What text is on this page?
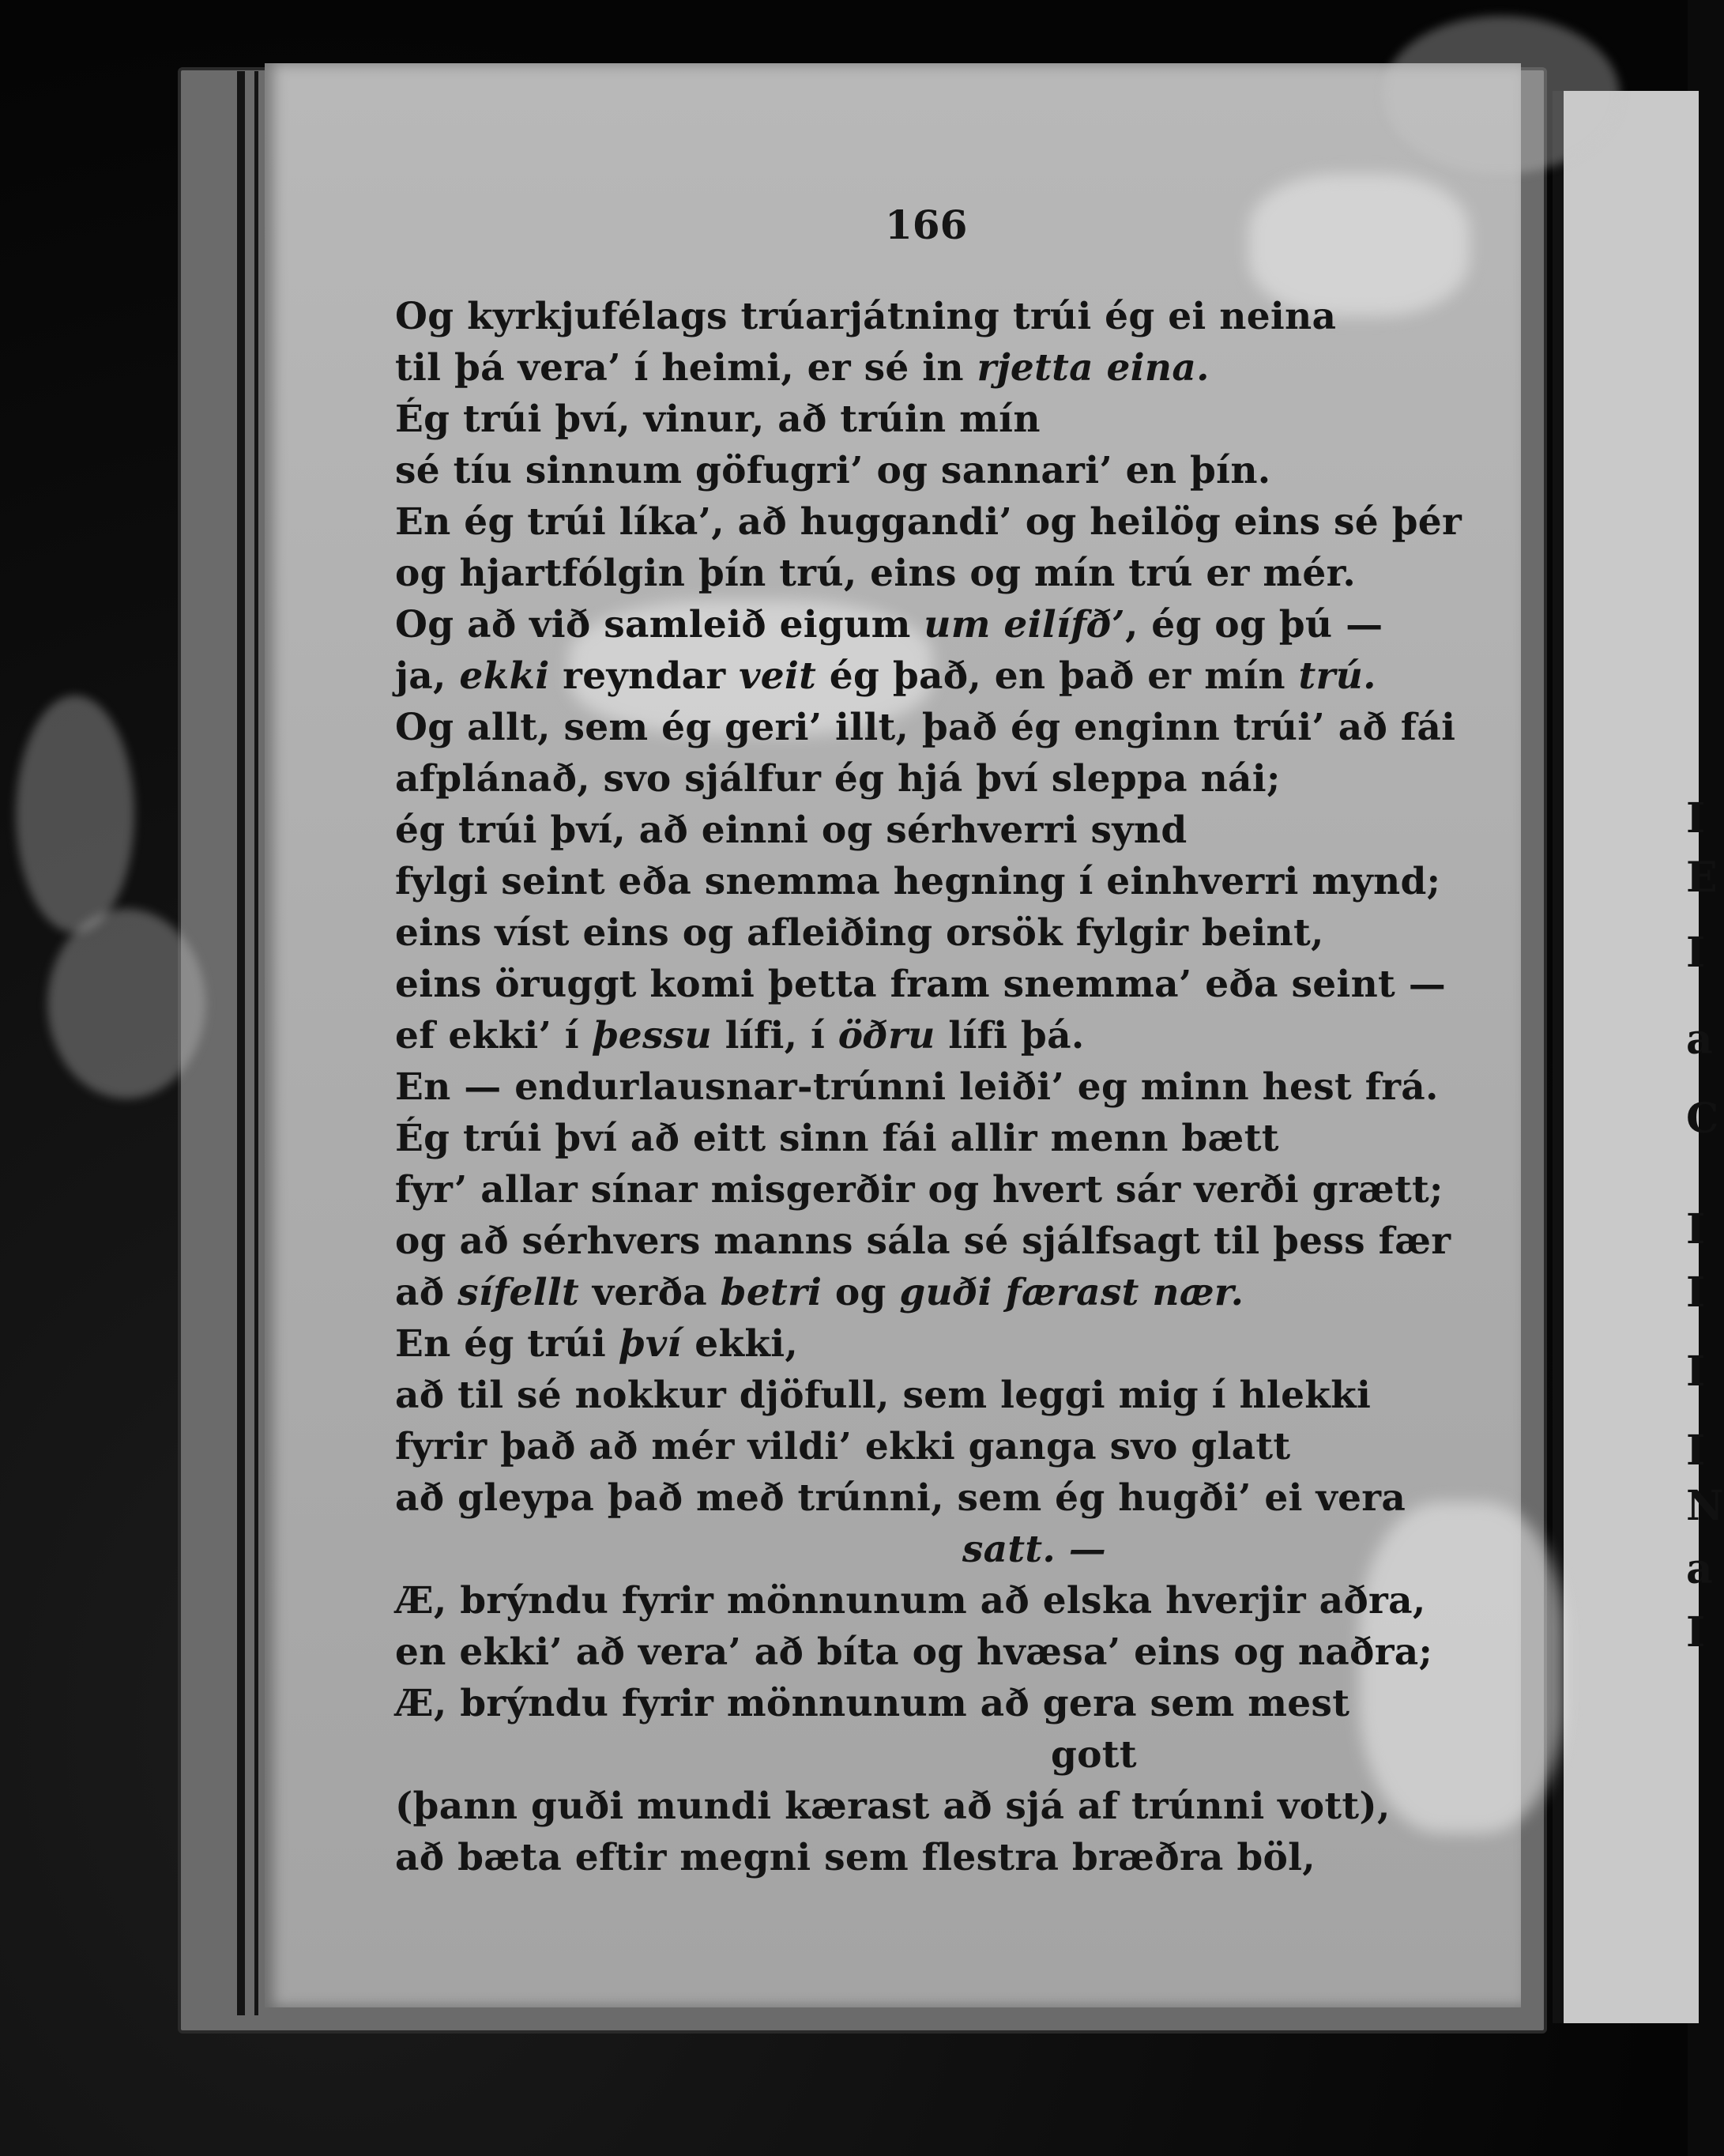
I
E
I
a
C
I
I
I
I
N
a
I
166
Og kyrkjufélags trúarjátning trúi ég ei neina
til þá vera’ í heimi, er sé in rjetta eina.
Ég trúi því, vinur, að trúin mín
sé tíu sinnum göfugri’ og sannari’ en þín.
En ég trúi líka’, að huggandi’ og heilög eins sé þér
og hjartfólgin þín trú, eins og mín trú er mér.
Og að við samleið eigum um eilífð’, ég og þú —
ja, ekki reyndar veit ég það, en það er mín trú.
Og allt, sem ég geri’ illt, það ég enginn trúi’ að fái
afplánað, svo sjálfur ég hjá því sleppa nái;
ég trúi því, að einni og sérhverri synd
fylgi seint eða snemma hegning í einhverri mynd;
eins víst eins og afleiðing orsök fylgir beint,
eins öruggt komi þetta fram snemma’ eða seint —
ef ekki’ í þessu lífi, í öðru lífi þá.
En — endurlausnar-trúnni leiði’ eg minn hest frá.
Ég trúi því að eitt sinn fái allir menn bætt
fyr’ allar sínar misgerðir og hvert sár verði grætt;
og að sérhvers manns sála sé sjálfsagt til þess fær
að sífellt verða betri og guði færast nær.
En ég trúi því ekki,
að til sé nokkur djöfull, sem leggi mig í hlekki
fyrir það að mér vildi’ ekki ganga svo glatt
að gleypa það með trúnni, sem ég hugði’ ei vera
satt. —
Æ, brýndu fyrir mönnunum að elska hverjir aðra,
en ekki’ að vera’ að bíta og hvæsa’ eins og naðra;
Æ, brýndu fyrir mönnunum að gera sem mest
gott
(þann guði mundi kærast að sjá af trúnni vott),
að bæta eftir megni sem flestra bræðra böl,
